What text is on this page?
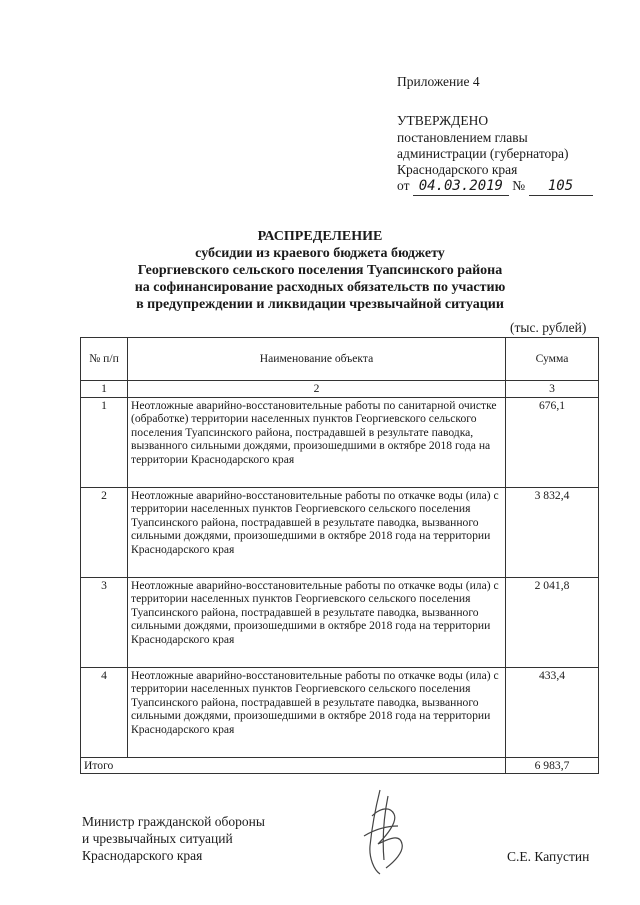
Приложение 4
УТВЕРЖДЕНО
постановлением главы
администрации (губернатора)
Краснодарского края
от 04.03.2019 № 105
РАСПРЕДЕЛЕНИЕ
субсидии из краевого бюджета бюджету
Георгиевского сельского поселения Туапсинского района
на софинансирование расходных обязательств по участию
в предупреждении и ликвидации чрезвычайной ситуации
(тыс. рублей)
№ п/п	Наименование объекта	Сумма
1	2	3
1	Неотложные аварийно-восстановительные работы по санитарной очистке (обработке) территории населенных пунктов Георгиевского сельского поселения Туапсинского района, пострадавшей в результате паводка, вызванного сильными дождями, произошедшими в октябре 2018 года на территории Краснодарского края	676,1
2	Неотложные аварийно-восстановительные работы по откачке воды (ила) с территории населенных пунктов Георгиевского сельского поселения Туапсинского района, пострадавшей в результате паводка, вызванного сильными дождями, произошедшими в октябре 2018 года на территории Краснодарского края	3 832,4
3	Неотложные аварийно-восстановительные работы по откачке воды (ила) с территории населенных пунктов Георгиевского сельского поселения Туапсинского района, пострадавшей в результате паводка, вызванного сильными дождями, произошедшими в октябре 2018 года на территории Краснодарского края	2 041,8
4	Неотложные аварийно-восстановительные работы по откачке воды (ила) с территории населенных пунктов Георгиевского сельского поселения Туапсинского района, пострадавшей в результате паводка, вызванного сильными дождями, произошедшими в октябре 2018 года на территории Краснодарского края	433,4
Итого		6 983,7
Министр гражданской обороны
и чрезвычайных ситуаций
Краснодарского края	С.Е. Капустин
